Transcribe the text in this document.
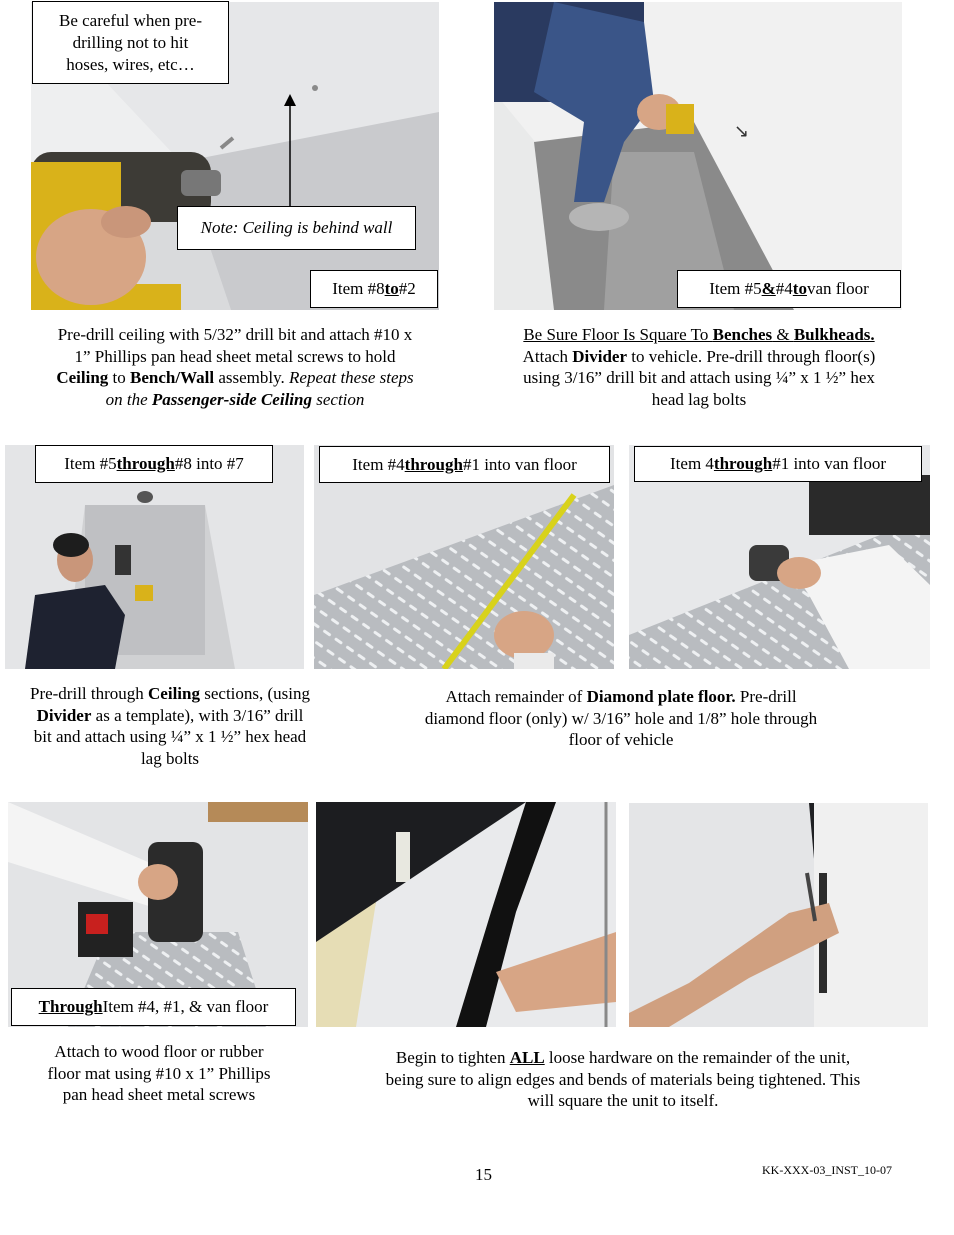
Be careful when pre-
drilling not to hit
hoses, wires, etc…
Note: Ceiling is behind wall
Item #8 to #2
↘
Item #5 & #4 to van floor
Pre-drill ceiling with 5/32” drill bit and attach #10 x
1” Phillips pan head sheet metal screws to hold
Ceiling to Bench/Wall assembly. Repeat these steps
on the Passenger-side Ceiling section
Be Sure Floor Is Square To Benches & Bulkheads.
Attach Divider to vehicle. Pre-drill through floor(s)
using 3/16” drill bit and attach using ¼” x 1 ½” hex
head lag bolts
Item #5 through #8 into #7	Item #4 through #1 into van floor	Item 4 through #1 into van floor
Pre-drill through Ceiling sections, (using
Divider as a template), with 3/16” drill
bit and attach using ¼” x 1 ½” hex head
lag bolts
Attach remainder of Diamond plate floor. Pre-drill
diamond floor (only) w/ 3/16” hole and 1/8” hole through
floor of vehicle
Through Item #4, #1, & van floor
Attach to wood floor or rubber
floor mat using #10 x 1” Phillips
pan head sheet metal screws
Begin to tighten ALL loose hardware on the remainder of the unit,
being sure to align edges and bends of materials being tightened. This
will square the unit to itself.
15	KK-XXX-03_INST_10-07
